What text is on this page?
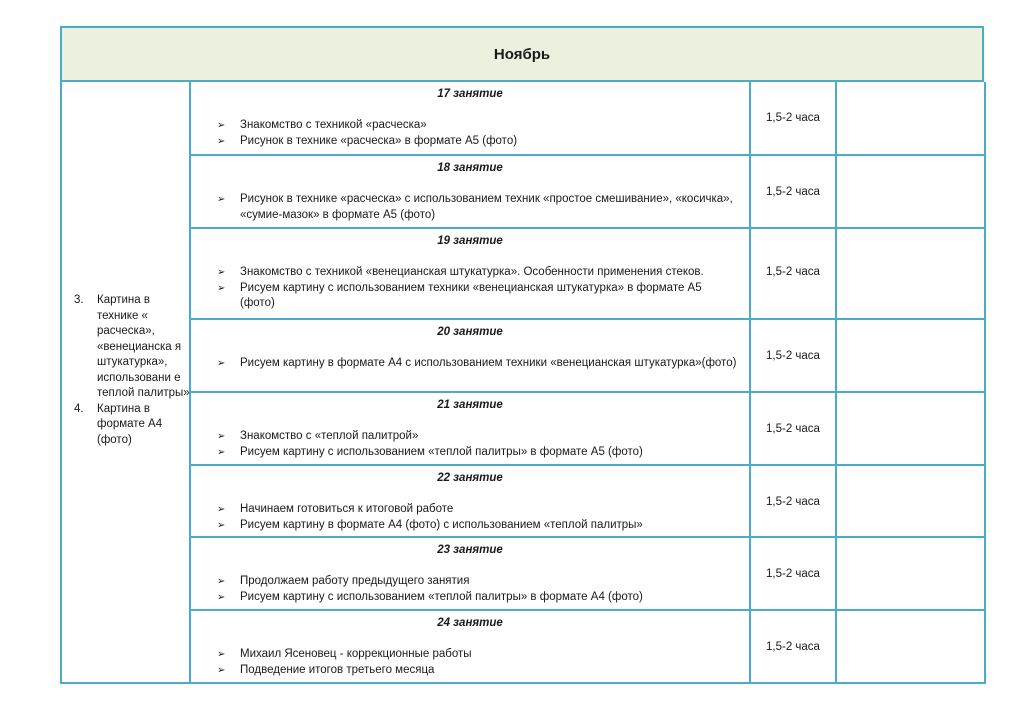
Ноябрь
3.	Картина в технике « расческа», «венецианска я штукатурка», использовани е теплой палитры»
4.	Картина в формате А4 (фото)
17 занятие
➢	Знакомство с техникой «расческа»
➢	Рисунок в технике «расческа» в формате А5 (фото)
1,5-2 часа
18 занятие
➢	Рисунок в технике «расческа» с использованием техник «простое смешивание», «косичка», «сумие-мазок» в формате А5 (фото)
1,5-2 часа
19 занятие
➢	Знакомство с техникой «венецианская штукатурка». Особенности применения стеков.
➢	Рисуем картину с использованием техники «венецианская штукатурка» в формате А5 (фото)
1,5-2 часа
20 занятие
➢	Рисуем картину в формате А4 с использованием техники «венецианская штукатурка»(фото)
1,5-2 часа
21 занятие
➢	Знакомство с «теплой палитрой»
➢	Рисуем картину с использованием «теплой палитры» в формате А5 (фото)
1,5-2 часа
22 занятие
➢	Начинаем готовиться к итоговой работе
➢	Рисуем картину в формате А4 (фото) с использованием «теплой палитры»
1,5-2 часа
23 занятие
➢	Продолжаем работу предыдущего занятия
➢	Рисуем картину с использованием «теплой палитры» в формате А4 (фото)
1,5-2 часа
24 занятие
➢	Михаил Ясеновец - коррекционные работы
➢	Подведение итогов третьего месяца
1,5-2 часа
